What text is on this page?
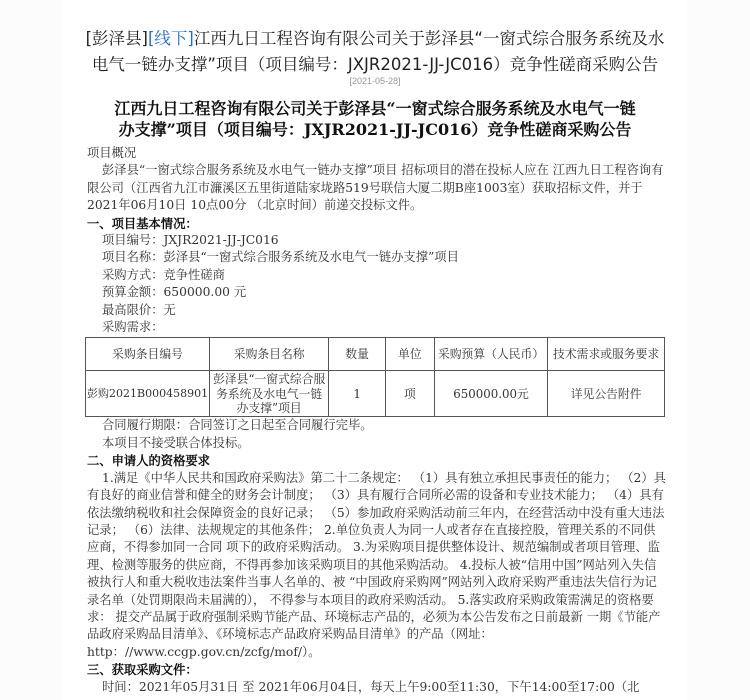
[彭泽县][线下]江西九日工程咨询有限公司关于彭泽县“一窗式综合服务系统及水
电气一链办支撑”项目（项目编号：JXJR2021-JJ-JC016）竞争性磋商采购公告
[2021-05-28]
江西九日工程咨询有限公司关于彭泽县“一窗式综合服务系统及水电气一链
办支撑”项目（项目编号：JXJR2021-JJ-JC016）竞争性磋商采购公告

项目概况

彭泽县“一窗式综合服务系统及水电气一链办支撑”项目 招标项目的潜在投标人应在 江西九日工程咨询有限公司（江西省九江市濂溪区五里街道陆家垅路519号联信大厦二期B座1003室）获取招标文件，并于 2021年06月10日 10点00分 （北京时间）前递交投标文件。

一、项目基本情况：

项目编号：JXJR2021-JJ-JC016

项目名称：彭泽县“一窗式综合服务系统及水电气一链办支撑”项目

采购方式：竞争性磋商

预算金额：650000.00 元

最高限价：无

采购需求：

采购条目编号	采购条目名称	数量	单位	采购预算（人民币）	技术需求或服务要求
彭购2021B000458901	彭泽县“一窗式综合服务系统及水电气一链办支撑”项目	1	项	650000.00元	详见公告附件

合同履行期限：合同签订之日起至合同履行完毕。

本项目不接受联合体投标。

二、申请人的资格要求

1.满足《中华人民共和国政府采购法》第二十二条规定： （1）具有独立承担民事责任的能力； （2）具有良好的商业信誉和健全的财务会计制度； （3）具有履行合同所必需的设备和专业技术能力； （4）具有依法缴纳税收和社会保障资金的良好记录； （5）参加政府采购活动前三年内，在经营活动中没有重大违法记录； （6）法律、法规规定的其他条件； 2.单位负责人为同一人或者存在直接控股，管理关系的不同供应商，不得参加同一合同 项下的政府采购活动。 3.为采购项目提供整体设计、规范编制或者项目管理、监理、检测等服务的供应商，不得再参加该采购项目的其他采购活动。 4.投标人被“信用中国”网站列入失信被执行人和重大税收违法案件当事人名单的、被 “中国政府采购网”网站列入政府采购严重违法失信行为记录名单（处罚期限尚未届满的）， 不得参与本项目的政府采购活动。 5.落实政府采购政策需满足的资格要求： 提交产品属于政府强制采购节能产品、环境标志产品的，必须为本公告发布之日前最新 一期《节能产品政府采购品目清单》、《环境标志产品政府采购品目清单》的产品（网址： http：//www.ccgp.gov.cn/zcfg/mof/）。

三、获取采购文件：

时间：2021年05月31日 至 2021年06月04日，每天上午9:00至11:30，下午14:00至17:00（北
